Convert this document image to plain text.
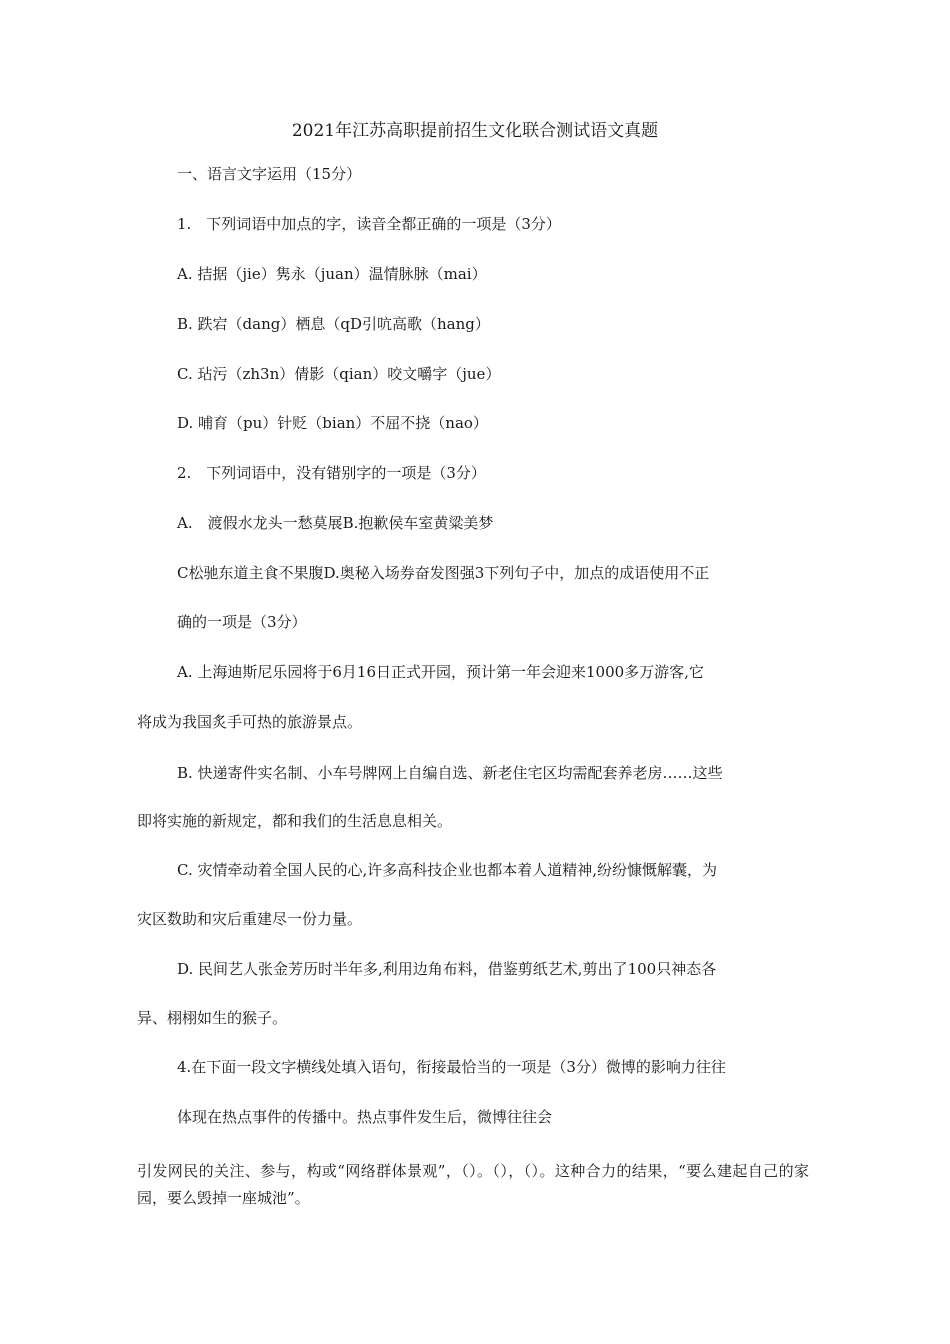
2021年江苏高职提前招生文化联合测试语文真题
一、语言文字运用（15分）
1.　下列词语中加点的字，读音全都正确的一项是（3分）
A. 拮据（jie）隽永（juan）温情脉脉（mai）
B. 跌宕（dang）栖息（qD引吭高歌（hang）
C. 玷污（zh3n）倩影（qian）咬文嚼字（jue）
D. 哺育（pu）针贬（bian）不屈不挠（nao）
2.　下列词语中，没有错别字的一项是（3分）
A.　渡假水龙头一愁莫展B.抱歉侯车室黄粱美梦
C松驰东道主食不果腹D.奥秘入场券奋发图强3下列句子中，加点的成语使用不正
确的一项是（3分）
A. 上海迪斯尼乐园将于6月16日正式开园，预计第一年会迎来1000多万游客,它
将成为我国炙手可热的旅游景点。
B. 快递寄件实名制、小车号牌网上自编自选、新老住宅区均需配套养老房……这些
即将实施的新规定，都和我们的生活息息相关。
C. 灾情牵动着全国人民的心,许多高科技企业也都本着人道精神,纷纷慷慨解囊，为
灾区数助和灾后重建尽一份力量。
D. 民间艺人张金芳历时半年多,利用边角布料，借鉴剪纸艺术,剪出了100只神态各
异、栩栩如生的猴子。
4.在下面一段文字横线处填入语句，衔接最恰当的一项是（3分）微博的影响力往往
体现在热点事件的传播中。热点事件发生后，微博往往会
引发网民的关注、参与，构或“网络群体景观”，（）。（），（）。这种合力的结果，“要么建起自己的家园，要么毁掉一座城池”。
